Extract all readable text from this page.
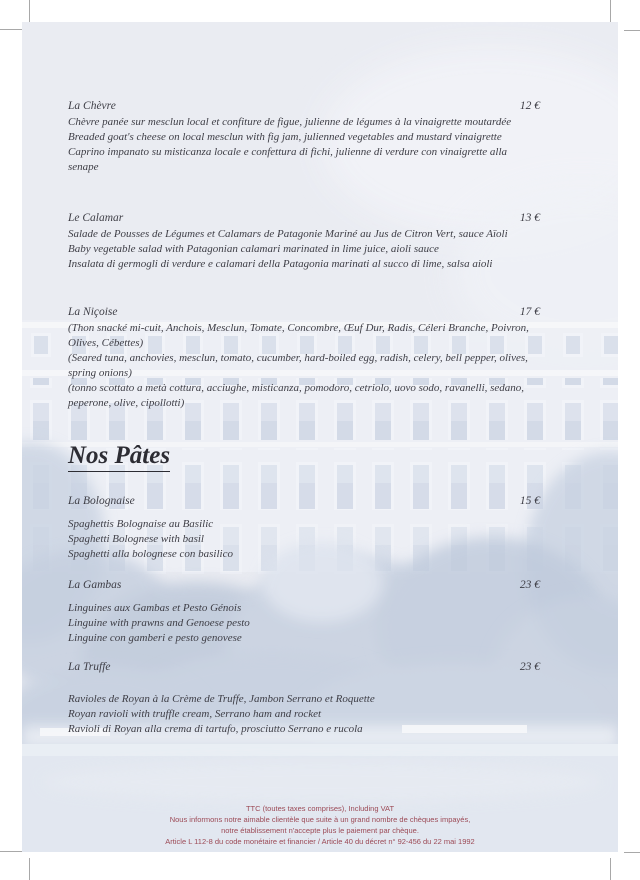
La Chèvre	12 €
Chèvre panée sur mesclun local et confiture de figue, julienne de légumes à la vinaigrette moutardée
Breaded goat's cheese on local mesclun with fig jam, julienned vegetables and mustard vinaigrette
Caprino impanato su misticanza locale e confettura di fichi, julienne di verdure con vinaigrette alla senape
Le Calamar	13 €
Salade de Pousses de Légumes et Calamars de Patagonie Mariné au Jus de Citron Vert, sauce Aïoli
Baby vegetable salad with Patagonian calamari marinated in lime juice, aioli sauce
Insalata di germogli di verdure e calamari della Patagonia marinati al succo di lime, salsa aioli
La Niçoise	17 €
(Thon snacké mi-cuit, Anchois, Mesclun, Tomate, Concombre, Œuf Dur, Radis, Céleri Branche, Poivron, Olives, Cébettes)
(Seared tuna, anchovies, mesclun, tomato, cucumber, hard-boiled egg, radish, celery, bell pepper, olives, spring onions)
(tonno scottato a metà cottura, acciughe, misticanza, pomodoro, cetriolo, uovo sodo, ravanelli, sedano, peperone, olive, cipollotti)
Nos Pâtes
La Bolognaise	15 €
Spaghettis Bolognaise au Basilic
Spaghetti Bolognese with basil
Spaghetti alla bolognese con basilico
La Gambas	23 €
Linguines aux Gambas et Pesto Génois
Linguine with prawns and Genoese pesto
Linguine con gamberi e pesto genovese
La Truffe	23 €
Ravioles de Royan à la Crème de Truffe, Jambon Serrano et Roquette
Royan ravioli with truffle cream, Serrano ham and rocket
Ravioli di Royan alla crema di tartufo, prosciutto Serrano e rucola
TTC (toutes taxes comprises), Including VAT
Nous informons notre aimable clientèle que suite à un grand nombre de chèques impayés,
notre établissement n'accepte plus le paiement par chèque.
Article L 112-8 du code monétaire et financier / Article 40 du décret n° 92-456 du 22 mai 1992
